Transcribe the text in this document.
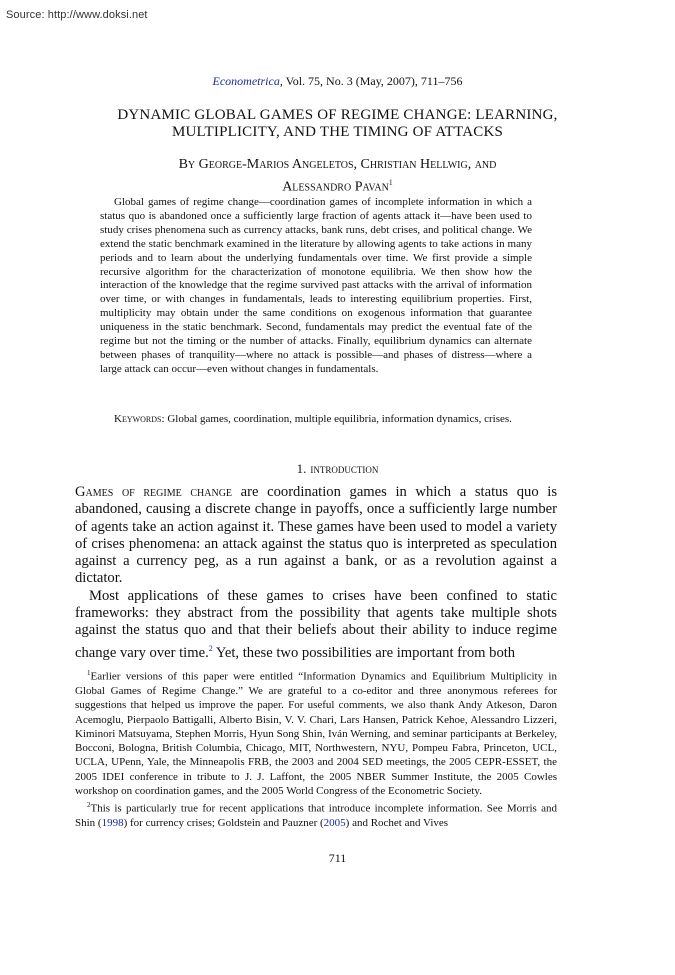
Source: http://www.doksi.net
Econometrica, Vol. 75, No. 3 (May, 2007), 711–756
DYNAMIC GLOBAL GAMES OF REGIME CHANGE: LEARNING,
MULTIPLICITY, AND THE TIMING OF ATTACKS
By George-Marios Angeletos, Christian Hellwig, and
Alessandro Pavan$^1$

Global games of regime change—coordination games of incomplete information in which a status quo is abandoned once a sufficiently large fraction of agents attack it—have been used to study crises phenomena such as currency attacks, bank runs, debt crises, and political change. We extend the static benchmark examined in the literature by allowing agents to take actions in many periods and to learn about the underlying fundamentals over time. We first provide a simple recursive algorithm for the characterization of monotone equilibria. We then show how the interaction of the knowledge that the regime survived past attacks with the arrival of information over time, or with changes in fundamentals, leads to interesting equilibrium properties. First, multiplicity may obtain under the same conditions on exogenous information that guarantee uniqueness in the static benchmark. Second, fundamentals may predict the eventual fate of the regime but not the timing or the number of attacks. Finally, equilibrium dynamics can alternate between phases of tranquility—where no attack is possible—and phases of distress—where a large attack can occur—even without changes in fundamentals.

Keywords: Global games, coordination, multiple equilibria, information dynamics, crises.

1. introduction
Games of regime change are coordination games in which a status quo is abandoned, causing a discrete change in payoffs, once a sufficiently large number of agents take an action against it. These games have been used to model a variety of crises phenomena: an attack against the status quo is interpreted as speculation against a currency peg, as a run against a bank, or as a revolution against a dictator.
Most applications of these games to crises have been confined to static frameworks: they abstract from the possibility that agents take multiple shots against the status quo and that their beliefs about their ability to induce regime change vary over time.$^2$ Yet, these two possibilities are important from both

$^1$Earlier versions of this paper were entitled “Information Dynamics and Equilibrium Multiplicity in Global Games of Regime Change.” We are grateful to a co-editor and three anonymous referees for suggestions that helped us improve the paper. For useful comments, we also thank Andy Atkeson, Daron Acemoglu, Pierpaolo Battigalli, Alberto Bisin, V. V. Chari, Lars Hansen, Patrick Kehoe, Alessandro Lizzeri, Kiminori Matsuyama, Stephen Morris, Hyun Song Shin, Iván Werning, and seminar participants at Berkeley, Bocconi, Bologna, British Columbia, Chicago, MIT, Northwestern, NYU, Pompeu Fabra, Princeton, UCL, UCLA, UPenn, Yale, the Minneapolis FRB, the 2003 and 2004 SED meetings, the 2005 CEPR-ESSET, the 2005 IDEI conference in tribute to J. J. Laffont, the 2005 NBER Summer Institute, the 2005 Cowles workshop on coordination games, and the 2005 World Congress of the Econometric Society.

$^2$This is particularly true for recent applications that introduce incomplete information. See Morris and Shin (1998) for currency crises; Goldstein and Pauzner (2005) and Rochet and Vives

711
